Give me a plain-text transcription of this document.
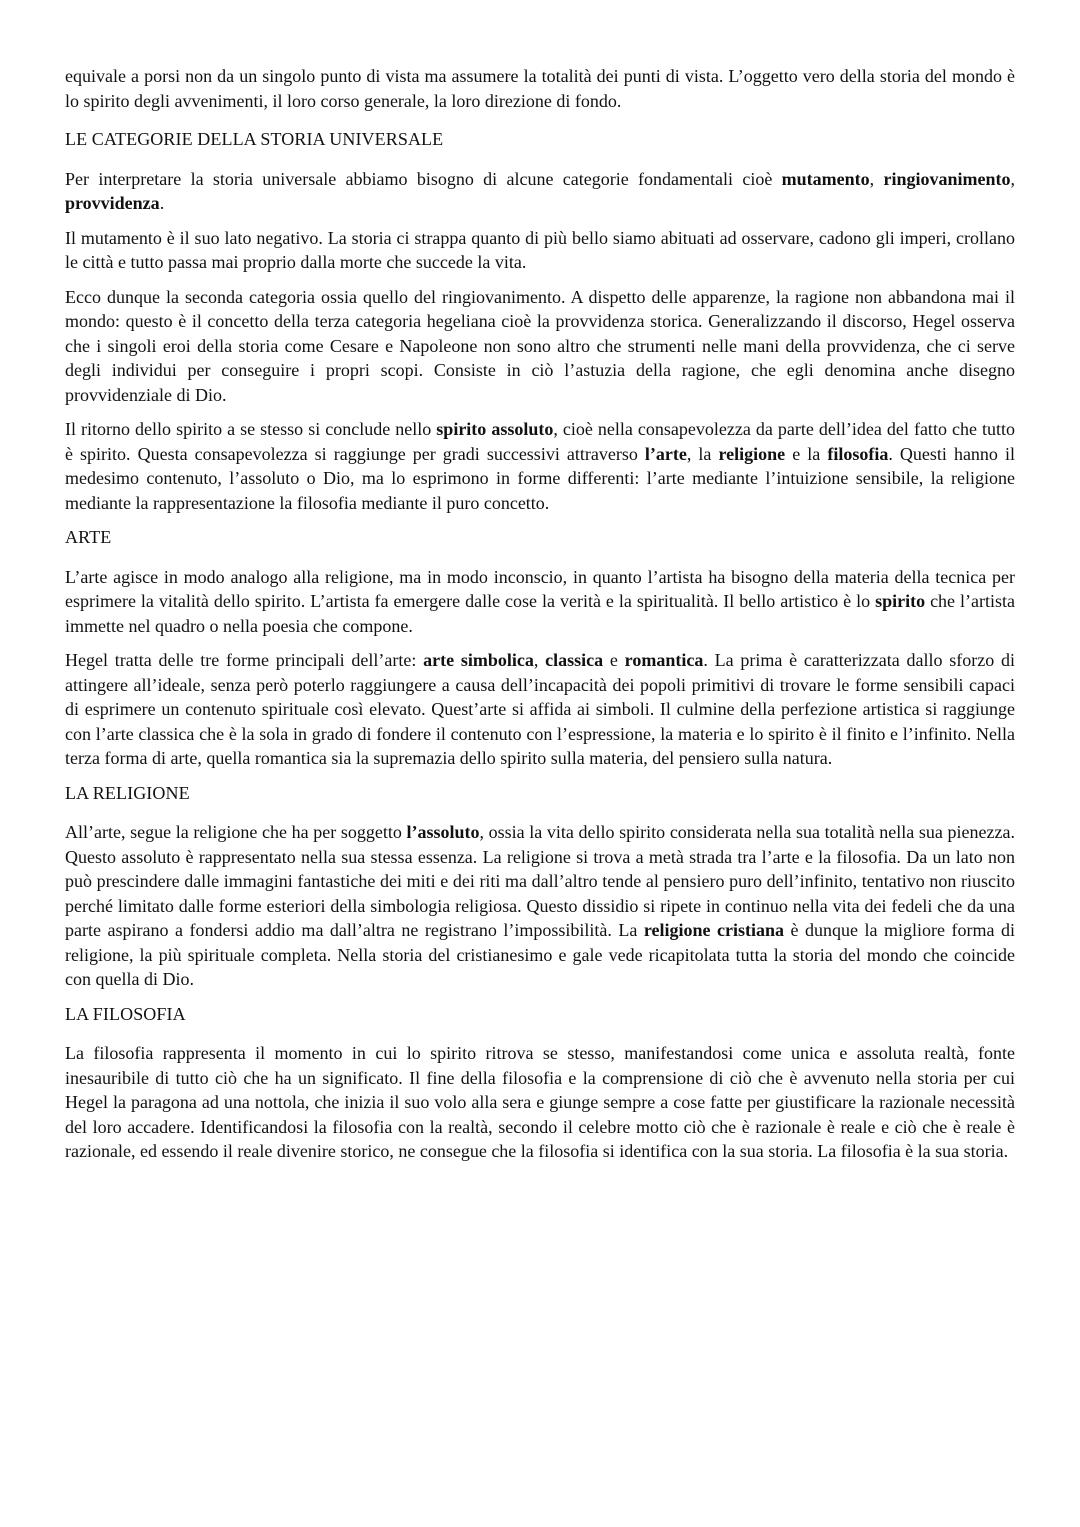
equivale a porsi non da un singolo punto di vista ma assumere la totalità dei punti di vista. L’oggetto vero della storia del mondo è lo spirito degli avvenimenti, il loro corso generale, la loro direzione di fondo.

LE CATEGORIE DELLA STORIA UNIVERSALE

Per interpretare la storia universale abbiamo bisogno di alcune categorie fondamentali cioè mutamento, ringiovanimento, provvidenza.

Il mutamento è il suo lato negativo. La storia ci strappa quanto di più bello siamo abituati ad osservare, cadono gli imperi, crollano le città e tutto passa mai proprio dalla morte che succede la vita.

Ecco dunque la seconda categoria ossia quello del ringiovanimento. A dispetto delle apparenze, la ragione non abbandona mai il mondo: questo è il concetto della terza categoria hegeliana cioè la provvidenza storica. Generalizzando il discorso, Hegel osserva che i singoli eroi della storia come Cesare e Napoleone non sono altro che strumenti nelle mani della provvidenza, che ci serve degli individui per conseguire i propri scopi. Consiste in ciò l’astuzia della ragione, che egli denomina anche disegno provvidenziale di Dio.

Il ritorno dello spirito a se stesso si conclude nello spirito assoluto, cioè nella consapevolezza da parte dell’idea del fatto che tutto è spirito. Questa consapevolezza si raggiunge per gradi successivi attraverso l’arte, la religione e la filosofia. Questi hanno il medesimo contenuto, l’assoluto o Dio, ma lo esprimono in forme differenti: l’arte mediante l’intuizione sensibile, la religione mediante la rappresentazione la filosofia mediante il puro concetto.

ARTE

L’arte agisce in modo analogo alla religione, ma in modo inconscio, in quanto l’artista ha bisogno della materia della tecnica per esprimere la vitalità dello spirito. L’artista fa emergere dalle cose la verità e la spiritualità. Il bello artistico è lo spirito che l’artista immette nel quadro o nella poesia che compone.

Hegel tratta delle tre forme principali dell’arte: arte simbolica, classica e romantica. La prima è caratterizzata dallo sforzo di attingere all’ideale, senza però poterlo raggiungere a causa dell’incapacità dei popoli primitivi di trovare le forme sensibili capaci di esprimere un contenuto spirituale così elevato. Quest’arte si affida ai simboli. Il culmine della perfezione artistica si raggiunge con l’arte classica che è la sola in grado di fondere il contenuto con l’espressione, la materia e lo spirito è il finito e l’infinito. Nella terza forma di arte, quella romantica sia la supremazia dello spirito sulla materia, del pensiero sulla natura.

LA RELIGIONE

All’arte, segue la religione che ha per soggetto l’assoluto, ossia la vita dello spirito considerata nella sua totalità nella sua pienezza. Questo assoluto è rappresentato nella sua stessa essenza. La religione si trova a metà strada tra l’arte e la filosofia. Da un lato non può prescindere dalle immagini fantastiche dei miti e dei riti ma dall’altro tende al pensiero puro dell’infinito, tentativo non riuscito perché limitato dalle forme esteriori della simbologia religiosa. Questo dissidio si ripete in continuo nella vita dei fedeli che da una parte aspirano a fondersi addio ma dall’altra ne registrano l’impossibilità. La religione cristiana è dunque la migliore forma di religione, la più spirituale completa. Nella storia del cristianesimo e gale vede ricapitolata tutta la storia del mondo che coincide con quella di Dio.

LA FILOSOFIA

La filosofia rappresenta il momento in cui lo spirito ritrova se stesso, manifestandosi come unica e assoluta realtà, fonte inesauribile di tutto ciò che ha un significato. Il fine della filosofia e la comprensione di ciò che è avvenuto nella storia per cui Hegel la paragona ad una nottola, che inizia il suo volo alla sera e giunge sempre a cose fatte per giustificare la razionale necessità del loro accadere. Identificandosi la filosofia con la realtà, secondo il celebre motto ciò che è razionale è reale e ciò che è reale è razionale, ed essendo il reale divenire storico, ne consegue che la filosofia si identifica con la sua storia. La filosofia è la sua storia.
